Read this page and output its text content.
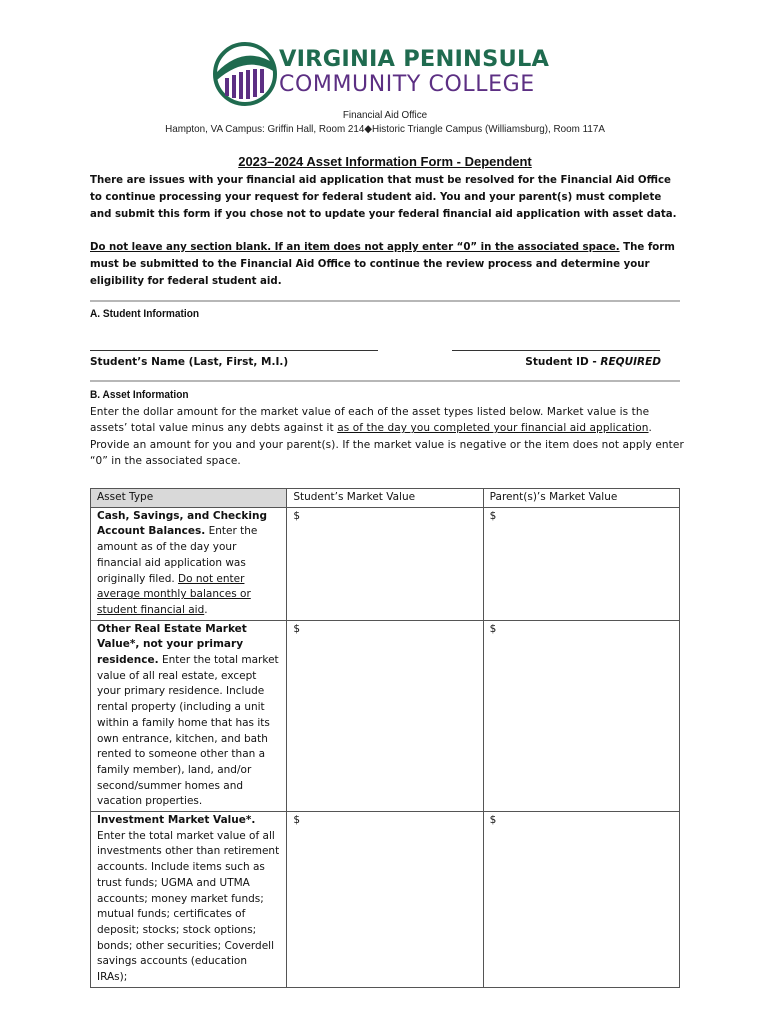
VIRGINIA PENINSULA
COMMUNITY COLLEGE
Financial Aid Office
Hampton, VA Campus: Griffin Hall, Room 214◆Historic Triangle Campus (Williamsburg), Room 117A
2023–2024 Asset Information Form - Dependent
There are issues with your financial aid application that must be resolved for the Financial Aid Office to continue processing your request for federal student aid. You and your parent(s) must complete and submit this form if you chose not to update your federal financial aid application with asset data.
Do not leave any section blank. If an item does not apply enter “0” in the associated space. The form must be submitted to the Financial Aid Office to continue the review process and determine your eligibility for federal student aid.
A. Student Information
Student’s Name (Last, First, M.I.)	Student ID - REQUIRED
B. Asset Information
Enter the dollar amount for the market value of each of the asset types listed below. Market value is the assets’ total value minus any debts against it as of the day you completed your financial aid application. Provide an amount for you and your parent(s). If the market value is negative or the item does not apply enter “0” in the associated space.
Asset Type	Student’s Market Value	Parent(s)’s Market Value
Cash, Savings, and Checking Account Balances. Enter the amount as of the day your financial aid application was originally filed. Do not enter average monthly balances or student financial aid.	$	$
Other Real Estate Market Value*, not your primary residence. Enter the total market value of all real estate, except your primary residence. Include rental property (including a unit within a family home that has its own entrance, kitchen, and bath rented to someone other than a family member), land, and/or second/summer homes and vacation properties.	$	$
Investment Market Value*. Enter the total market value of all investments other than retirement accounts. Include items such as trust funds; UGMA and UTMA accounts; money market funds; mutual funds; certificates of deposit; stocks; stock options; bonds; other securities; Coverdell savings accounts (education IRAs);	$	$
